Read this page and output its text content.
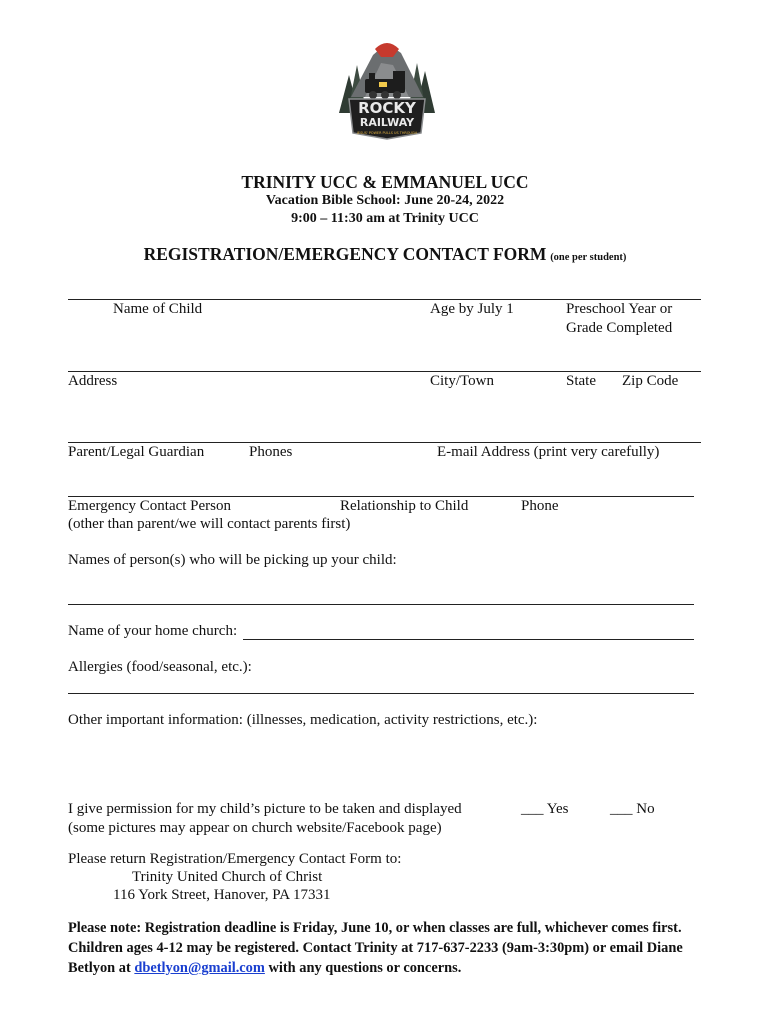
ROCKY
RAILWAY
JESUS' POWER PULLS US THROUGH
TRINITY UCC & EMMANUEL UCC
Vacation Bible School: June 20-24, 2022
9:00 – 11:30 am at Trinity UCC
REGISTRATION/EMERGENCY CONTACT FORM (one per student)
Name of Child	Age by July 1	Preschool Year or
Grade Completed
Address	City/Town	State Zip Code
Parent/Legal Guardian	Phones	E-mail Address (print very carefully)
Emergency Contact Person	Relationship to Child	Phone
(other than parent/we will contact parents first)
Names of person(s) who will be picking up your child:
Name of your home church:
Allergies (food/seasonal, etc.):
Other important information: (illnesses, medication, activity restrictions, etc.):
I give permission for my child’s picture to be taken and displayed
(some pictures may appear on church website/Facebook page)
___ Yes	___ No
Please return Registration/Emergency Contact Form to:
Trinity United Church of Christ
116 York Street, Hanover, PA 17331
Please note: Registration deadline is Friday, June 10, or when classes are full, whichever comes first. Children ages 4-12 may be registered. Contact Trinity at 717-637-2233 (9am-3:30pm) or email Diane Betlyon at dbetlyon@gmail.com with any questions or concerns.
